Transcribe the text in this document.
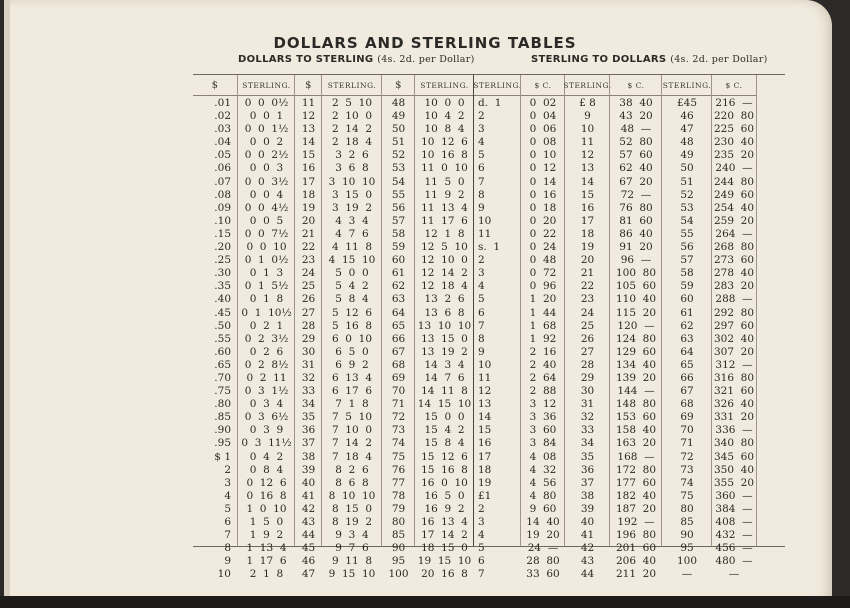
DOLLARS AND STERLING TABLES
DOLLARS TO STERLING (4s. 2d. per Dollar)	STERLING TO DOLLARS (4s. 2d. per Dollar)
$
.01
.02
.03
.04
.05
.06
.07
.08
.09
.10
.15
.20
.25
.30
.35
.40
.45
.50
.55
.60
.65
.70
.75
.80
.85
.90
.95
$ 1
2
3
4
5
6
7
8
9
10
STERLING.
0  0  0½
0  0  1
0  0  1½
0  0  2
0  0  2½
0  0  3
0  0  3½
0  0  4
0  0  4½
0  0  5
0  0  7½
0  0  10
0  1  0½
0  1  3
0  1  5½
0  1  8
0  1  10½
0  2  1
0  2  3½
0  2  6
0  2  8½
0  2  11
0  3  1½
0  3  4
0  3  6½
0  3  9
0  3  11½
0  4  2
0  8  4
0  12  6
0  16  8
1  0  10
1  5  0
1  9  2
1  13  4
1  17  6
2  1  8
$
11
12
13
14
15
16
17
18
19
20
21
22
23
24
25
26
27
28
29
30
31
32
33
34
35
36
37
38
39
40
41
42
43
44
45
46
47
STERLING.
2  5  10
2  10  0
2  14  2
2  18  4
3  2  6
3  6  8
3  10  10
3  15  0
3  19  2
4  3  4
4  7  6
4  11  8
4  15  10
5  0  0
5  4  2
5  8  4
5  12  6
5  16  8
6  0  10
6  5  0
6  9  2
6  13  4
6  17  6
7  1  8
7  5  10
7  10  0
7  14  2
7  18  4
8  2  6
8  6  8
8  10  10
8  15  0
8  19  2
9  3  4
9  7  6
9  11  8
9  15  10
$
48
49
50
51
52
53
54
55
56
57
58
59
60
61
62
63
64
65
66
67
68
69
70
71
72
73
74
75
76
77
78
79
80
85
90
95
100
STERLING.
10  0  0
10  4  2
10  8  4
10  12  6
10  16  8
11  0  10
11  5  0
11  9  2
11  13  4
11  17  6
12  1  8
12  5  10
12  10  0
12  14  2
12  18  4
13  2  6
13  6  8
13  10  10
13  15  0
13  19  2
14  3  4
14  7  6
14  11  8
14  15  10
15  0  0
15  4  2
15  8  4
15  12  6
15  16  8
16  0  10
16  5  0
16  9  2
16  13  4
17  14  2
18  15  0
19  15  10
20  16  8
STERLING.
d.  1
2
3
4
5
6
7
8
9
10
11
s.  1
2
3
4
5
6
7
8
9
10
11
12
13
14
15
16
17
18
19
£1
2
3
4
5
6
7
$ C.
0  02
0  04
0  06
0  08
0  10
0  12
0  14
0  16
0  18
0  20
0  22
0  24
0  48
0  72
0  96
1  20
1  44
1  68
1  92
2  16
2  40
2  64
2  88
3  12
3  36
3  60
3  84
4  08
4  32
4  56
4  80
9  60
14  40
19  20
24  —
28  80
33  60
STERLING.
£ 8
9
10
11
12
13
14
15
16
17
18
19
20
21
22
23
24
25
26
27
28
29
30
31
32
33
34
35
36
37
38
39
40
41
42
43
44
$ C.
38  40
43  20
48  —
52  80
57  60
62  40
67  20
72  —
76  80
81  60
86  40
91  20
96  —
100  80
105  60
110  40
115  20
120  —
124  80
129  60
134  40
139  20
144  —
148  80
153  60
158  40
163  20
168  —
172  80
177  60
182  40
187  20
192  —
196  80
201  60
206  40
211  20
STERLING.
£45
46
47
48
49
50
51
52
53
54
55
56
57
58
59
60
61
62
63
64
65
66
67
68
69
70
71
72
73
74
75
80
85
90
95
100
—
$ C.
216  —
220  80
225  60
230  40
235  20
240  —
244  80
249  60
254  40
259  20
264  —
268  80
273  60
278  40
283  20
288  —
292  80
297  60
302  40
307  20
312  —
316  80
321  60
326  40
331  20
336  —
340  80
345  60
350  40
355  20
360  —
384  —
408  —
432  —
456  —
480  —
—
